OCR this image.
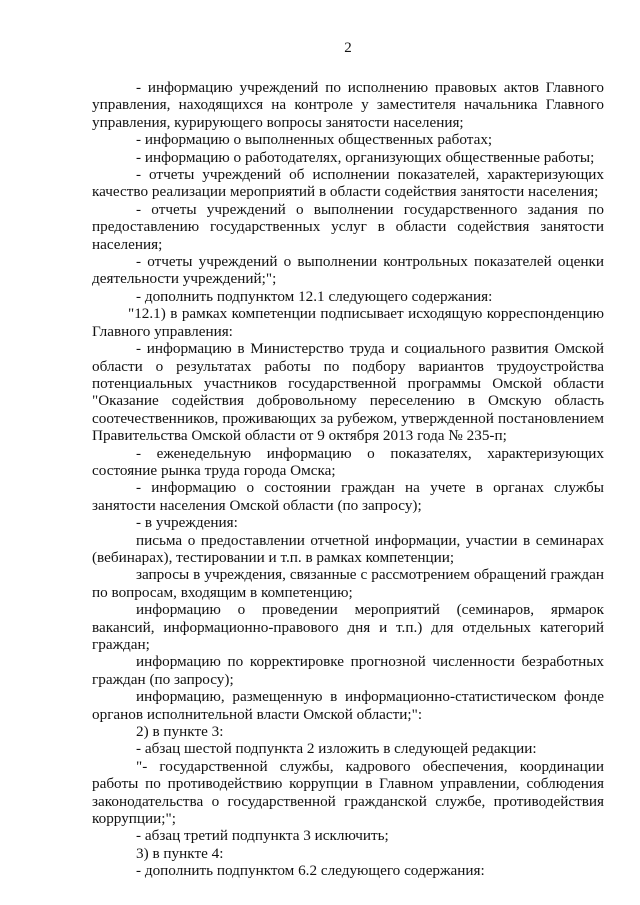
2

- информацию учреждений по исполнению правовых актов Главного управления, находящихся на контроле у заместителя начальника Главного управления, курирующего вопросы занятости населения;

- информацию о выполненных общественных работах;

- информацию о работодателях, организующих общественные работы;

- отчеты учреждений об исполнении показателей, характеризующих качество реализации мероприятий в области содействия занятости населения;

- отчеты учреждений о выполнении государственного задания по предоставлению государственных услуг в области содействия занятости населения;

- отчеты учреждений о выполнении контрольных показателей оценки деятельности учреждений;";

- дополнить подпунктом 12.1 следующего содержания:

"12.1) в рамках компетенции подписывает исходящую корреспонденцию Главного управления:

- информацию в Министерство труда и социального развития Омской области о результатах работы по подбору вариантов трудоустройства потенциальных участников государственной программы Омской области "Оказание содействия добровольному переселению в Омскую область соотечественников, проживающих за рубежом, утвержденной постановлением Правительства Омской области от 9 октября 2013 года № 235-п;

- еженедельную информацию о показателях, характеризующих состояние рынка труда города Омска;

- информацию о состоянии граждан на учете в органах службы занятости населения Омской области (по запросу);

- в учреждения:

письма о предоставлении отчетной информации, участии в семинарах (вебинарах), тестировании и т.п. в рамках компетенции;

запросы в учреждения, связанные с рассмотрением обращений граждан по вопросам, входящим в компетенцию;

информацию о проведении мероприятий (семинаров, ярмарок вакансий, информационно-правового дня и т.п.) для отдельных категорий граждан;

информацию по корректировке прогнозной численности безработных граждан (по запросу);

информацию, размещенную в информационно-статистическом фонде органов исполнительной власти Омской области;":

2) в пункте 3:

- абзац шестой подпункта 2 изложить в следующей редакции:

"- государственной службы, кадрового обеспечения, координации работы по противодействию коррупции в Главном управлении, соблюдения законодательства о государственной гражданской службе, противодействия коррупции;";

- абзац третий подпункта 3 исключить;

3) в пункте 4:

- дополнить подпунктом 6.2 следующего содержания:
